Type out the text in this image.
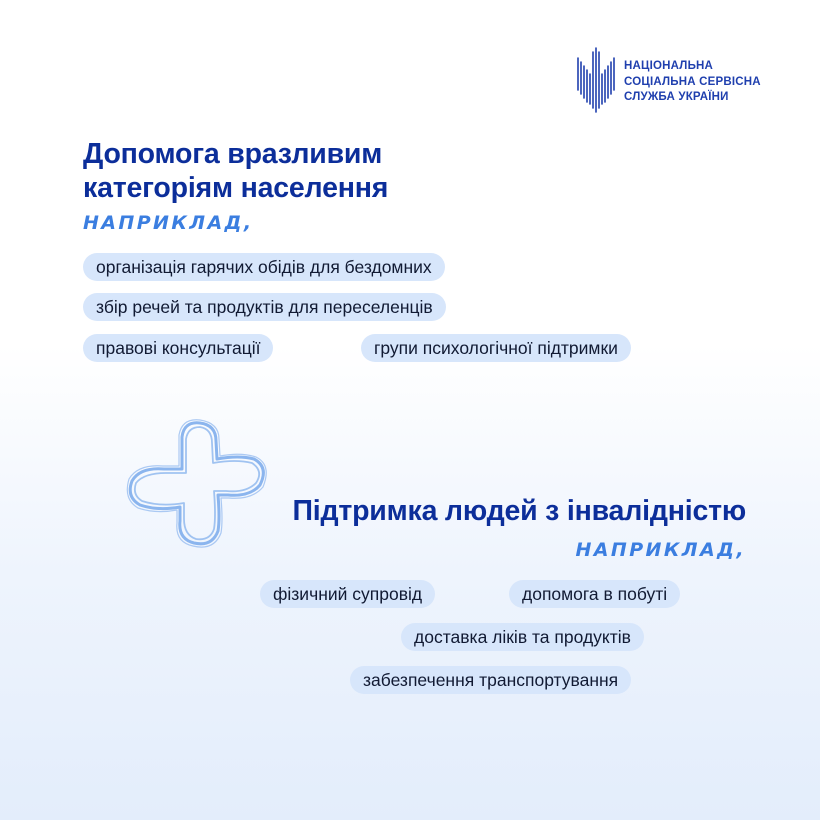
НАЦІОНАЛЬНА
СОЦІАЛЬНА СЕРВІСНА
СЛУЖБА УКРАЇНИ
Допомога вразливим
категоріям населення
НАПРИКЛАД,
організація гарячих обідів для бездомних
збір речей та продуктів для переселенців
правові консультації	групи психологічної підтримки
Підтримка людей з інвалідністю
НАПРИКЛАД,
фізичний супровід	допомога в побуті
доставка ліків та продуктів
забезпечення транспортування
